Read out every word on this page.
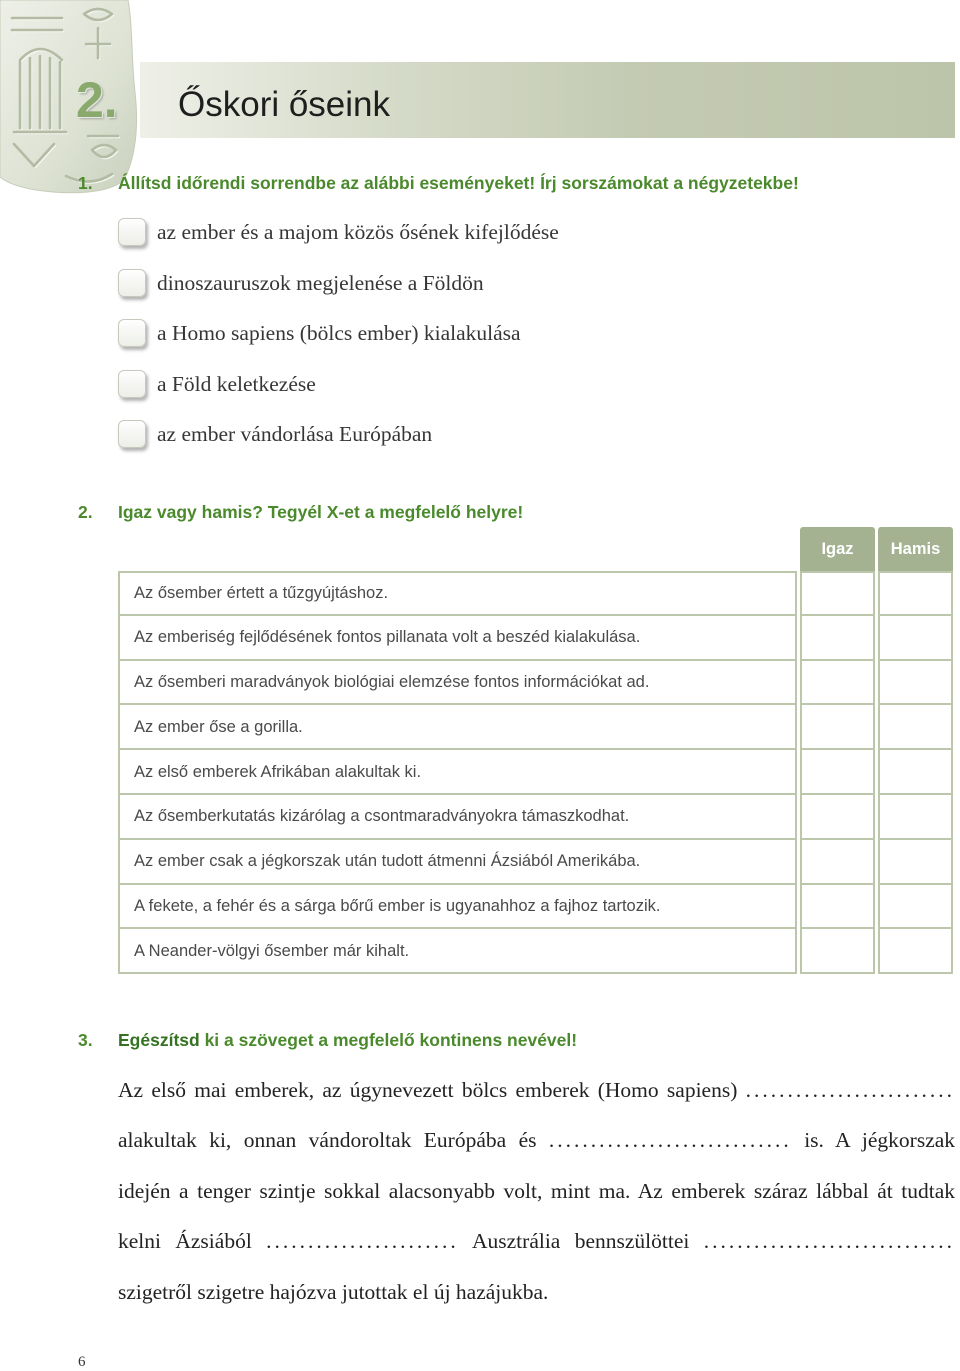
2. Őskori őseink
1. Állítsd időrendi sorrendbe az alábbi eseményeket! Írj sorszámokat a négyzetekbe!
az ember és a majom közös ősének kifejlődése
dinoszauruszok megjelenése a Földön
a Homo sapiens (bölcs ember) kialakulása
a Föld keletkezése
az ember vándorlása Európában
2. Igaz vagy hamis? Tegyél X-et a megfelelő helyre!
Igaz	Hamis
Az ősember értett a tűzgyújtáshoz.
Az emberiség fejlődésének fontos pillanata volt a beszéd kialakulása.
Az ősemberi maradványok biológiai elemzése fontos információkat ad.
Az ember őse a gorilla.
Az első emberek Afrikában alakultak ki.
Az ősemberkutatás kizárólag a csontmaradványokra támaszkodhat.
Az ember csak a jégkorszak után tudott átmenni Ázsiából Amerikába.
A fekete, a fehér és a sárga bőrű ember is ugyanahhoz a fajhoz tartozik.
A Neander-völgyi ősember már kihalt.
3. Egészítsd ki a szöveget a megfelelő kontinens nevével!
Az első mai emberek, az úgynevezett bölcs emberek (Homo sapiens) .........................
alakultak ki, onnan vándoroltak Európába és ............................. is. A jégkorszak
idején a tenger szintje sokkal alacsonyabb volt, mint ma. Az emberek száraz lábbal át tudtak
kelni Ázsiából ....................... Ausztrália bennszülöttei ..............................
szigetről szigetre hajózva jutottak el új hazájukba.
6
